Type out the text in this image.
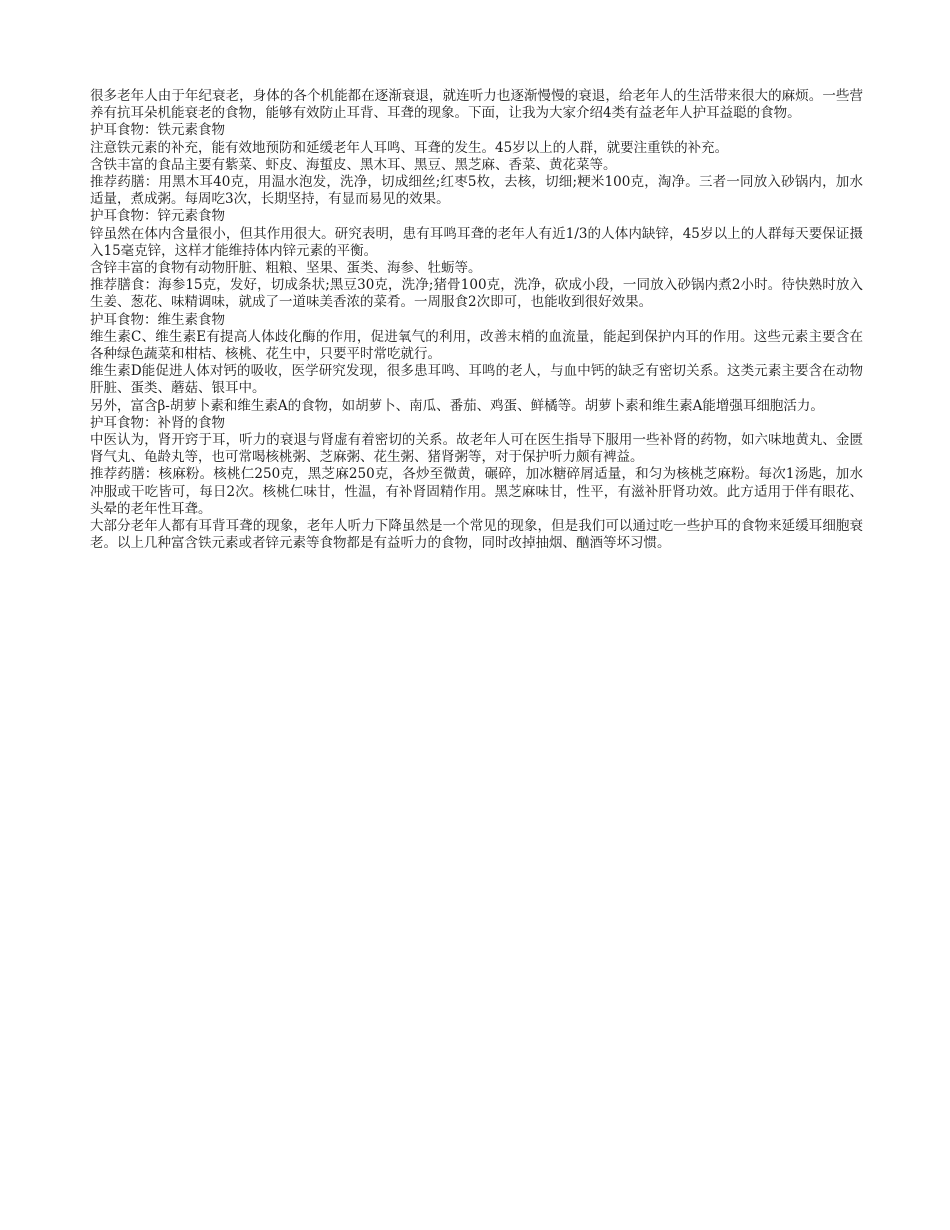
很多老年人由于年纪衰老，身体的各个机能都在逐渐衰退，就连听力也逐渐慢慢的衰退，给老年人的生活带来很大的麻烦。一些营养有抗耳朵机能衰老的食物，能够有效防止耳背、耳聋的现象。下面，让我为大家介绍4类有益老年人护耳益聪的食物。

护耳食物：铁元素食物

注意铁元素的补充，能有效地预防和延缓老年人耳鸣、耳聋的发生。45岁以上的人群，就要注重铁的补充。

含铁丰富的食品主要有紫菜、虾皮、海蜇皮、黑木耳、黑豆、黑芝麻、香菜、黄花菜等。

推荐药膳：用黑木耳40克，用温水泡发，洗净，切成细丝;红枣5枚，去核，切细;粳米100克，淘净。三者一同放入砂锅内，加水适量，煮成粥。每周吃3次，长期坚持，有显而易见的效果。

护耳食物：锌元素食物

锌虽然在体内含量很小，但其作用很大。研究表明，患有耳鸣耳聋的老年人有近1/3的人体内缺锌，45岁以上的人群每天要保证摄入15毫克锌，这样才能维持体内锌元素的平衡。

含锌丰富的食物有动物肝脏、粗粮、坚果、蛋类、海参、牡蛎等。

推荐膳食：海参15克，发好，切成条状;黑豆30克，洗净;猪骨100克，洗净，砍成小段，一同放入砂锅内煮2小时。待快熟时放入生姜、葱花、味精调味，就成了一道味美香浓的菜肴。一周服食2次即可，也能收到很好效果。

护耳食物：维生素食物

维生素C、维生素E有提高人体歧化酶的作用，促进氧气的利用，改善末梢的血流量，能起到保护内耳的作用。这些元素主要含在各种绿色蔬菜和柑桔、核桃、花生中，只要平时常吃就行。

维生素D能促进人体对钙的吸收，医学研究发现，很多患耳鸣、耳鸣的老人，与血中钙的缺乏有密切关系。这类元素主要含在动物肝脏、蛋类、蘑菇、银耳中。

另外，富含β-胡萝卜素和维生素A的食物，如胡萝卜、南瓜、番茄、鸡蛋、鲜橘等。胡萝卜素和维生素A能增强耳细胞活力。

护耳食物：补肾的食物

中医认为，肾开窍于耳，听力的衰退与肾虚有着密切的关系。故老年人可在医生指导下服用一些补肾的药物，如六味地黄丸、金匮肾气丸、龟龄丸等，也可常喝核桃粥、芝麻粥、花生粥、猪肾粥等，对于保护听力颇有裨益。

推荐药膳：核麻粉。核桃仁250克，黑芝麻250克，各炒至微黄，碾碎，加冰糖碎屑适量，和匀为核桃芝麻粉。每次1汤匙，加水冲服或干吃皆可，每日2次。核桃仁味甘，性温，有补肾固精作用。黑芝麻味甘，性平，有滋补肝肾功效。此方适用于伴有眼花、头晕的老年性耳聋。

大部分老年人都有耳背耳聋的现象，老年人听力下降虽然是一个常见的现象，但是我们可以通过吃一些护耳的食物来延缓耳细胞衰老。以上几种富含铁元素或者锌元素等食物都是有益听力的食物，同时改掉抽烟、酗酒等坏习惯。
